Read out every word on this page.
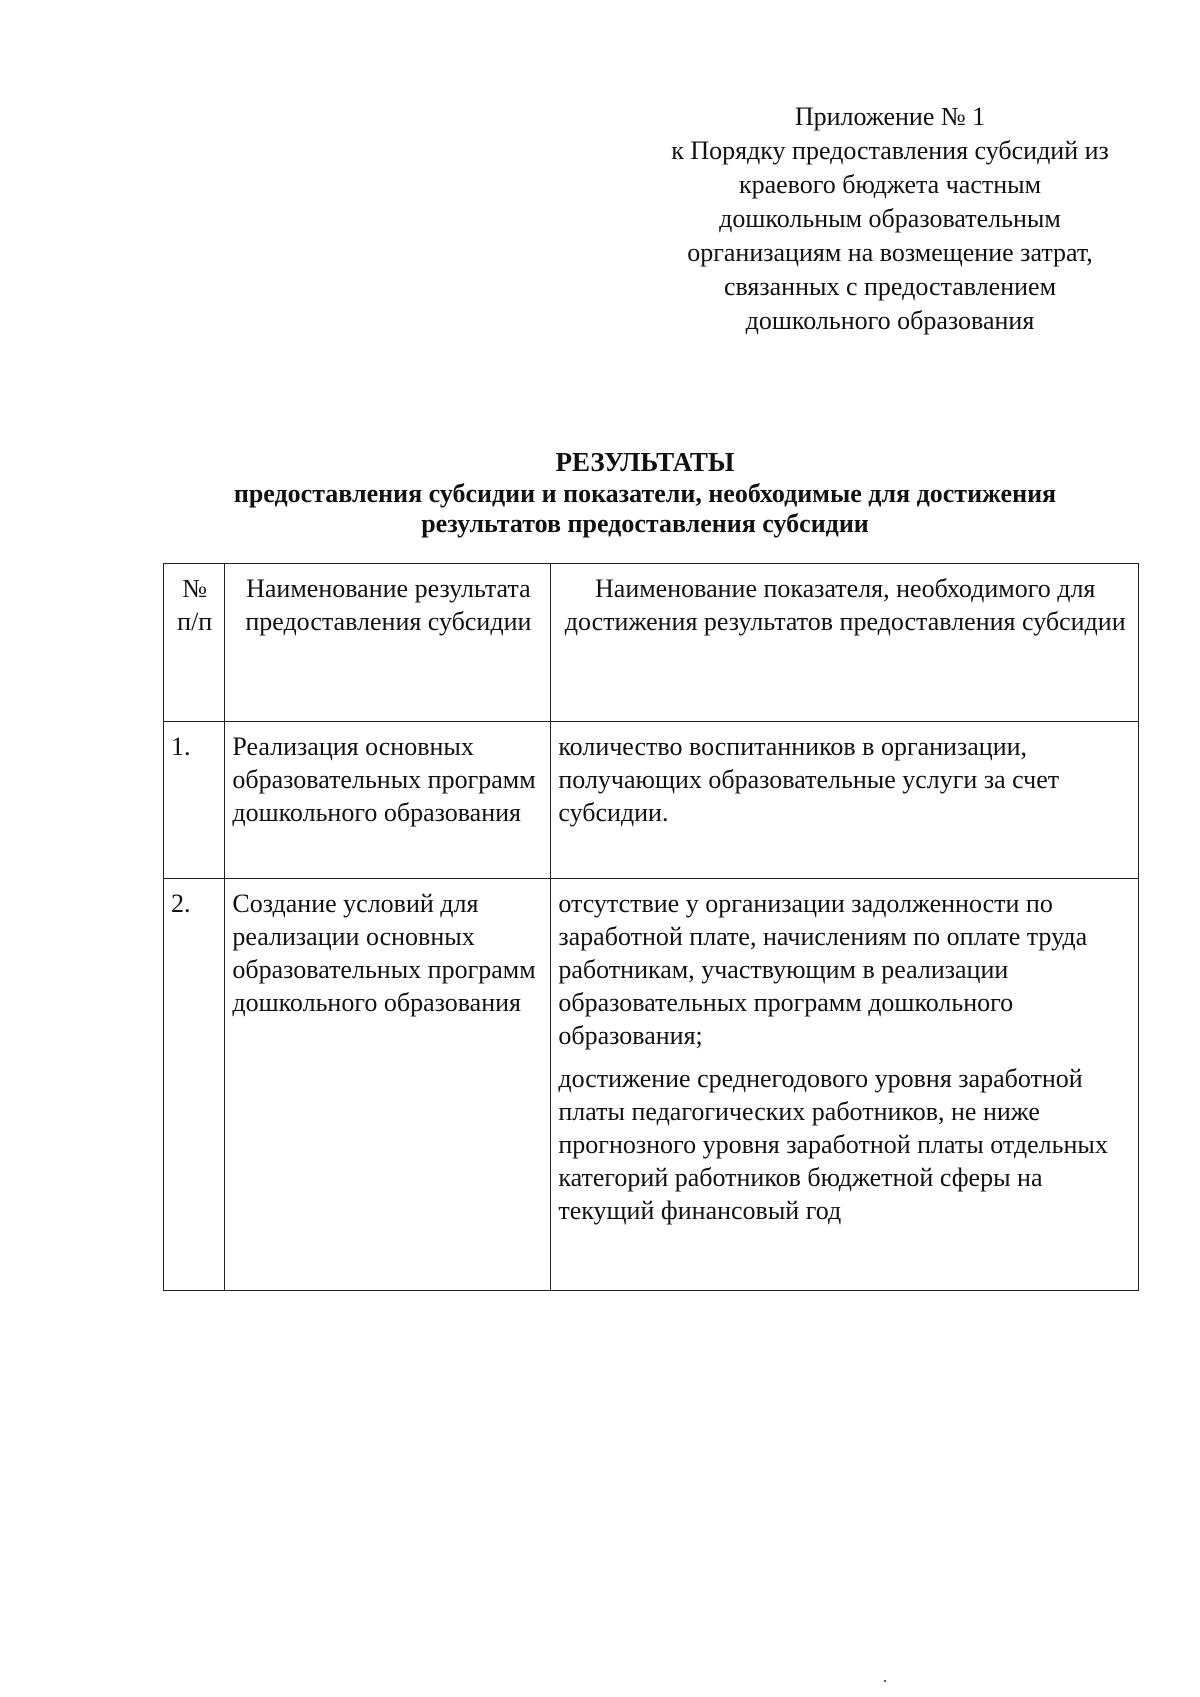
Приложение № 1
к Порядку предоставления субсидий из
краевого бюджета частным
дошкольным образовательным
организациям на возмещение затрат,
связанных с предоставлением
дошкольного образования
РЕЗУЛЬТАТЫ
предоставления субсидии и показатели, необходимые для достижения
результатов предоставления субсидии
№ п/п	Наименование результата предоставления субсидии	Наименование показателя, необходимого для достижения результатов предоставления субсидии
1.	Реализация основных образовательных программ дошкольного образования	количество воспитанников в организации, получающих образовательные услуги за счет субсидии.

2.	Создание условий для реализации основных образовательных программ дошкольного образования	отсутствие у организации задолженности по заработной плате, начислениям по оплате труда работникам, участвующим в реализации образовательных программ дошкольного образования;
достижение среднегодового уровня заработной платы педагогических работников, не ниже прогнозного уровня заработной платы отдельных категорий работников бюджетной сферы на текущий финансовый год
